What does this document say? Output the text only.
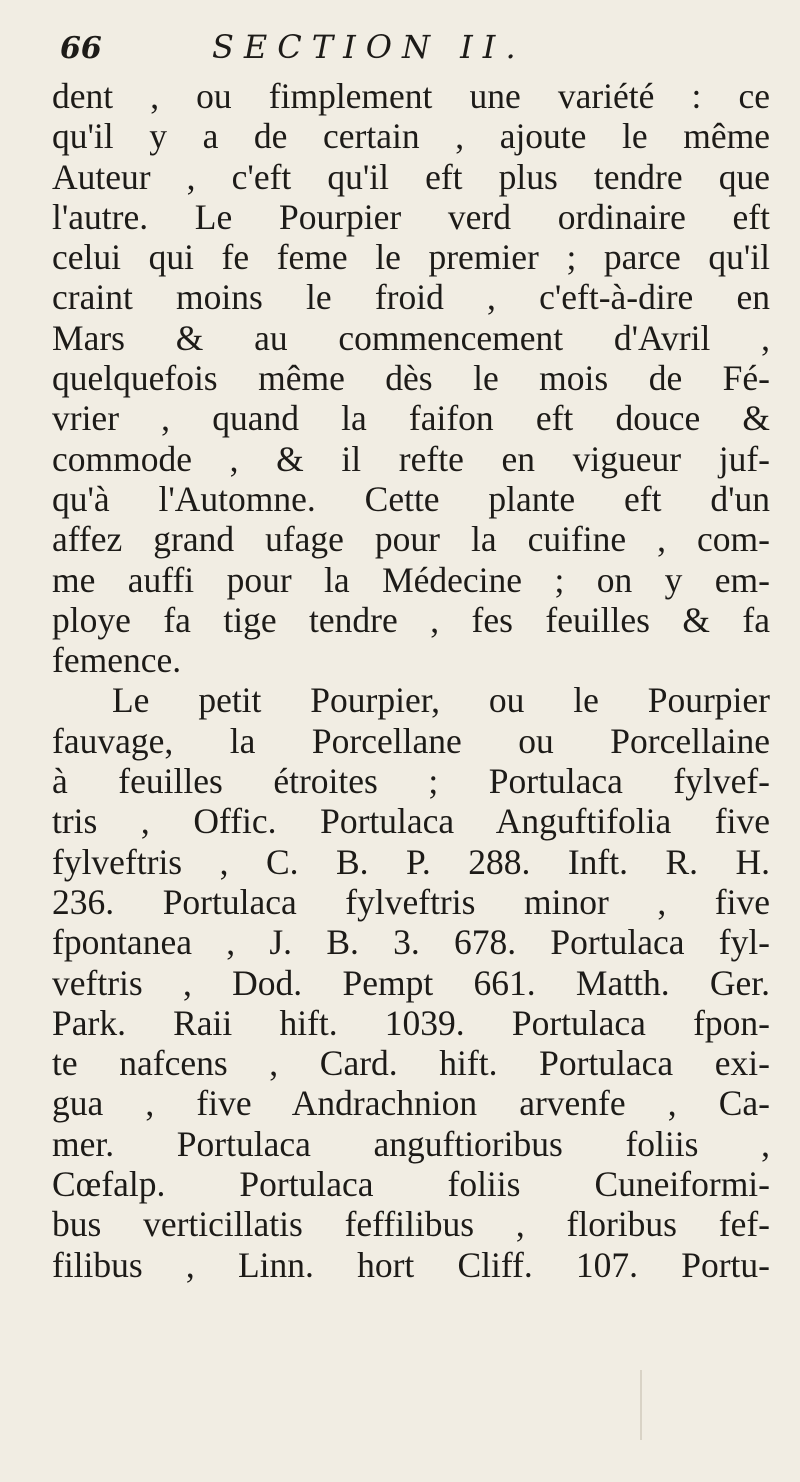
66	SECTION II.
dent , ou fimplement une variété : ce
qu'il y a de certain , ajoute le même
Auteur , c'eft qu'il eft plus tendre que
l'autre. Le Pourpier verd ordinaire eft
celui qui fe feme le premier ; parce qu'il
craint moins le froid , c'eft-à-dire en
Mars & au commencement d'Avril ,
quelquefois même dès le mois de Fé-
vrier , quand la faifon eft douce &
commode , & il refte en vigueur juf-
qu'à l'Automne. Cette plante eft d'un
affez grand ufage pour la cuifine , com-
me auffi pour la Médecine ; on y em-
ploye fa tige tendre , fes feuilles & fa
femence.
Le petit Pourpier, ou le Pourpier
fauvage, la Porcellane ou Porcellaine
à feuilles étroites ; Portulaca fylvef-
tris , Offic. Portulaca Anguftifolia five
fylveftris , C. B. P. 288. Inft. R. H.
236. Portulaca fylveftris minor , five
fpontanea , J. B. 3. 678. Portulaca fyl-
veftris , Dod. Pempt 661. Matth. Ger.
Park. Raii hift. 1039. Portulaca fpon-
te nafcens , Card. hift. Portulaca exi-
gua , five Andrachnion arvenfe , Ca-
mer. Portulaca anguftioribus foliis ,
Cœfalp. Portulaca foliis Cuneiformi-
bus verticillatis feffilibus , floribus fef-
filibus , Linn. hort Cliff. 107. Portu-
